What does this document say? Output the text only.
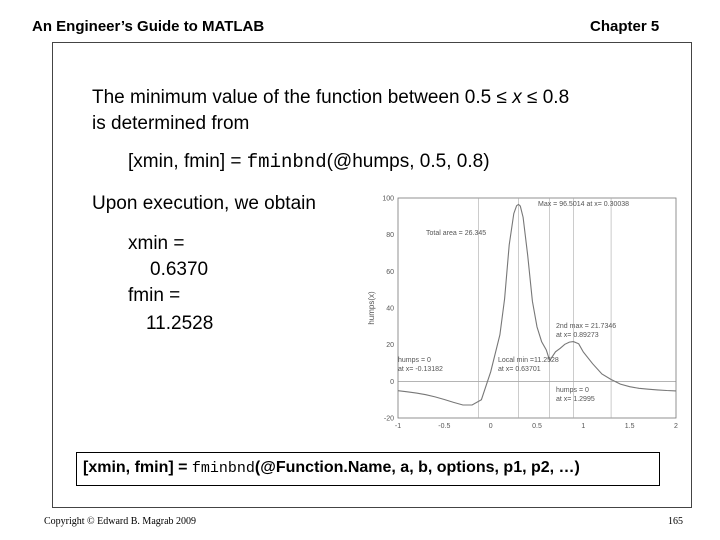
An Engineer’s Guide to MATLAB	Chapter 5
The minimum value of the function between 0.5 ≤ x ≤ 0.8
is determined from
[xmin, fmin] = fminbnd(@humps, 0.5, 0.8)
Upon execution, we obtain
xmin =
0.6370
fmin =
11.2528
-1	-0.5	0	0.5	1	1.5	2
-20
0
20
40
60
80
100
humps(x)
Max = 96.5014 at x= 0.30038
Total area = 26.345
2nd max = 21.7346
at x= 0.89273
humps = 0
at x= -0.13182
Local min =11.2528
at x= 0.63701
humps = 0
at x= 1.2995
[xmin, fmin] = fminbnd(@Function.Name, a, b, options, p1, p2, …)
Copyright © Edward B. Magrab 2009	165
